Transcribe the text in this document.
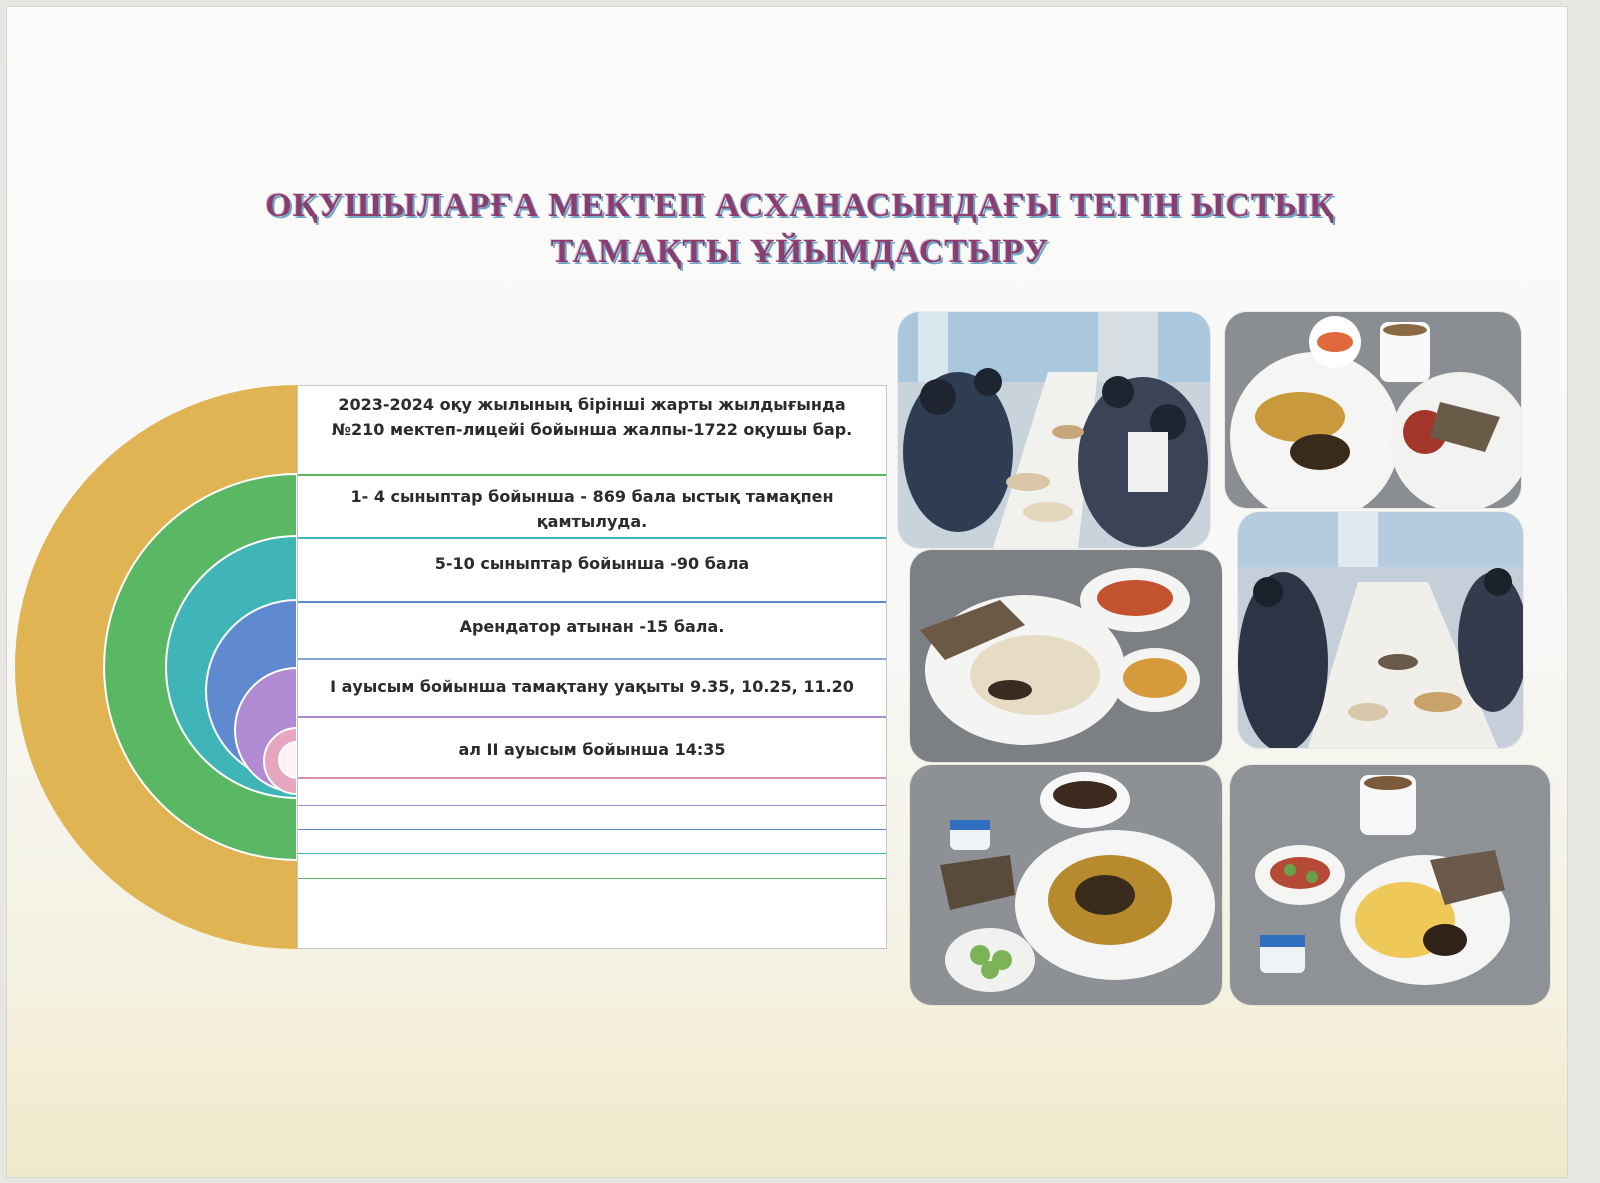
ОҚУШЫЛАРҒА МЕКТЕП АСХАНАСЫНДАҒЫ ТЕГІН ЫСТЫҚ
ТАМАҚТЫ ҰЙЫМДАСТЫРУ
2023-2024 оқу жылының бірінші жарты жылдығында
№210 мектеп-лицейі бойынша жалпы-1722 оқушы бар.
1- 4 сыныптар бойынша - 869 бала ыстық тамақпен
қамтылуда.
5-10 сыныптар бойынша -90 бала
Арендатор атынан -15 бала.
I ауысым бойынша тамақтану уақыты 9.35, 10.25, 11.20
ал II ауысым бойынша 14:35
